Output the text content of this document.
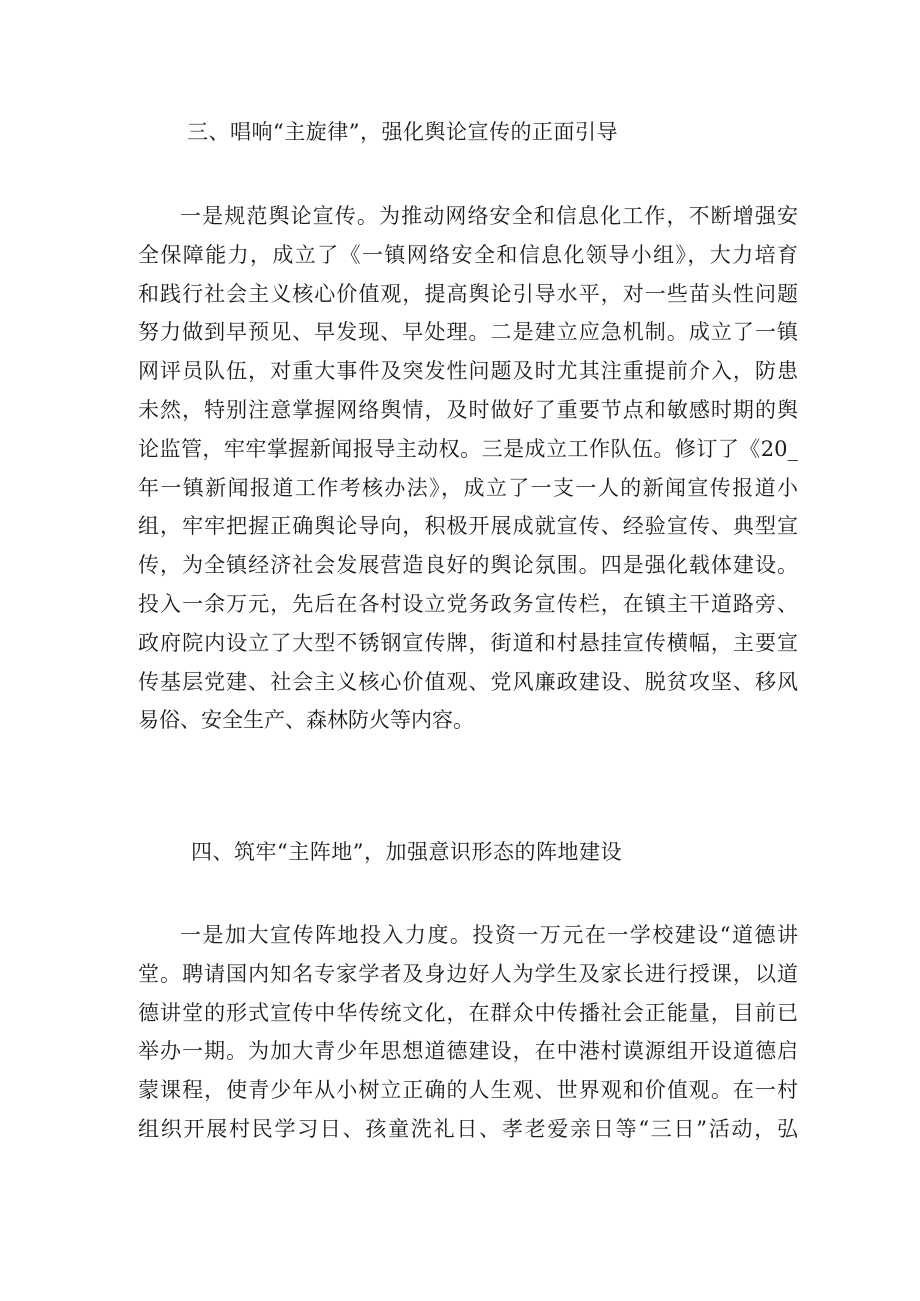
三、唱响“主旋律”，强化舆论宣传的正面引导
一是规范舆论宣传。为推动网络安全和信息化工作，不断增强安
全保障能力，成立了《一镇网络安全和信息化领导小组》，大力培育
和践行社会主义核心价值观，提高舆论引导水平，对一些苗头性问题
努力做到早预见、早发现、早处理。二是建立应急机制。成立了一镇
网评员队伍，对重大事件及突发性问题及时尤其注重提前介入，防患
未然，特别注意掌握网络舆情，及时做好了重要节点和敏感时期的舆
论监管，牢牢掌握新闻报导主动权。三是成立工作队伍。修订了《20_
年一镇新闻报道工作考核办法》，成立了一支一人的新闻宣传报道小
组，牢牢把握正确舆论导向，积极开展成就宣传、经验宣传、典型宣
传，为全镇经济社会发展营造良好的舆论氛围。四是强化载体建设。
投入一余万元，先后在各村设立党务政务宣传栏，在镇主干道路旁、
政府院内设立了大型不锈钢宣传牌，街道和村悬挂宣传横幅，主要宣
传基层党建、社会主义核心价值观、党风廉政建设、脱贫攻坚、移风
易俗、安全生产、森林防火等内容。
四、筑牢“主阵地”，加强意识形态的阵地建设
一是加大宣传阵地投入力度。投资一万元在一学校建设“道德讲
堂。聘请国内知名专家学者及身边好人为学生及家长进行授课，以道
德讲堂的形式宣传中华传统文化，在群众中传播社会正能量，目前已
举办一期。为加大青少年思想道德建设，在中港村谟源组开设道德启
蒙课程，使青少年从小树立正确的人生观、世界观和价值观。在一村
组织开展村民学习日、孩童洗礼日、孝老爱亲日等“三日”活动，弘
